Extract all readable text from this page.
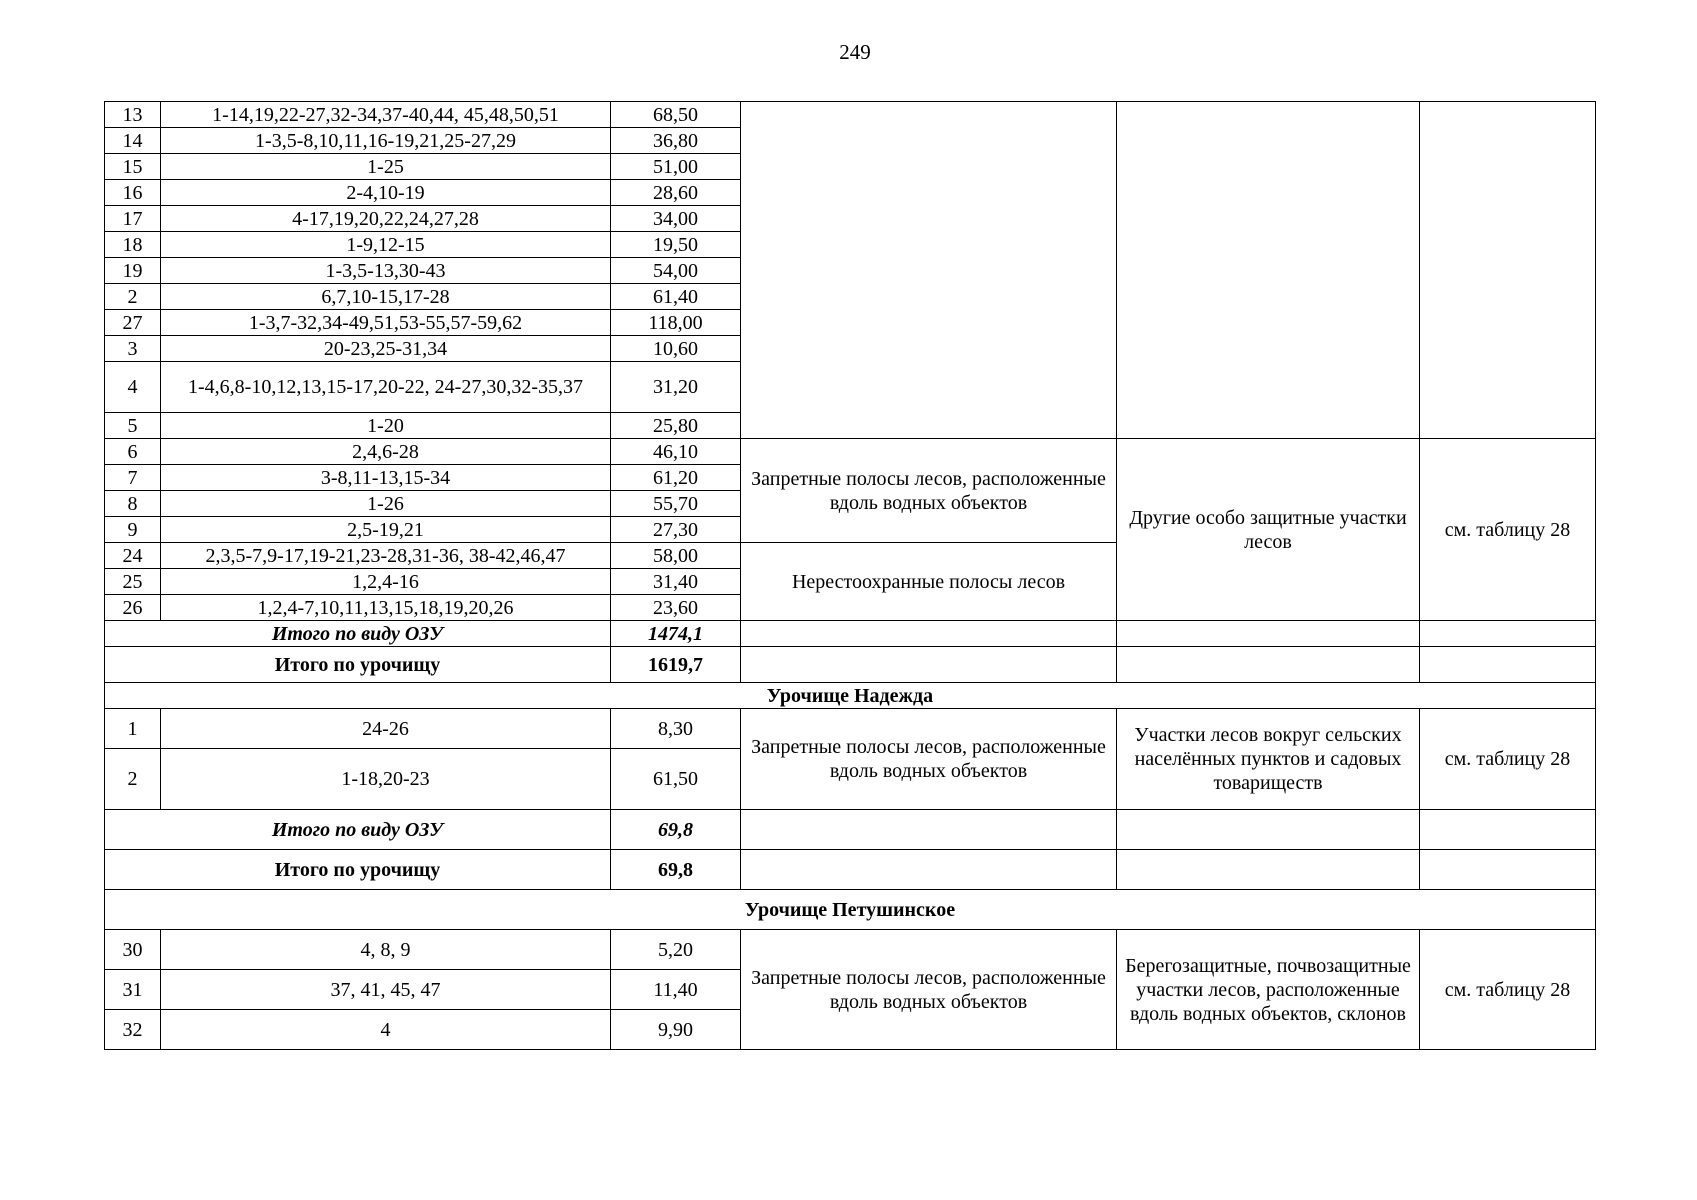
249
13	1-14,19,22-27,32-34,37-40,44, 45,48,50,51	68,50			
14	1-3,5-8,10,11,16-19,21,25-27,29	36,80			
15	1-25	51,00			
16	2-4,10-19	28,60			
17	4-17,19,20,22,24,27,28	34,00			
18	1-9,12-15	19,50			
19	1-3,5-13,30-43	54,00			
2	6,7,10-15,17-28	61,40			
27	1-3,7-32,34-49,51,53-55,57-59,62	118,00			
3	20-23,25-31,34	10,60			
4	1-4,6,8-10,12,13,15-17,20-22, 24-27,30,32-35,37	31,20			
5	1-20	25,80			
6	2,4,6-28	46,10	Запретные полосы лесов, расположенные вдоль водных объектов	Другие особо защитные участки лесов	см. таблицу 28
7	3-8,11-13,15-34	61,20			
8	1-26	55,70			
9	2,5-19,21	27,30			
24	2,3,5-7,9-17,19-21,23-28,31-36, 38-42,46,47	58,00	Нерестоохранные полосы лесов		
25	1,2,4-16	31,40			
26	1,2,4-7,10,11,13,15,18,19,20,26	23,60			
Итого по виду ОЗУ		1474,1			
Итого по урочищу		1619,7			
Урочище Надежда					
1	24-26	8,30	Запретные полосы лесов, расположенные вдоль водных объектов	Участки лесов вокруг сельских населённых пунктов и садовых товариществ	см. таблицу 28
2	1-18,20-23	61,50			
Итого по виду ОЗУ		69,8			
Итого по урочищу		69,8			
Урочище Петушинское					
30	4, 8, 9	5,20	Запретные полосы лесов, расположенные вдоль водных объектов	Берегозащитные, почвозащитные участки лесов, расположенные вдоль водных объектов, склонов	см. таблицу 28
31	37, 41, 45, 47	11,40			
32	4	9,90			
